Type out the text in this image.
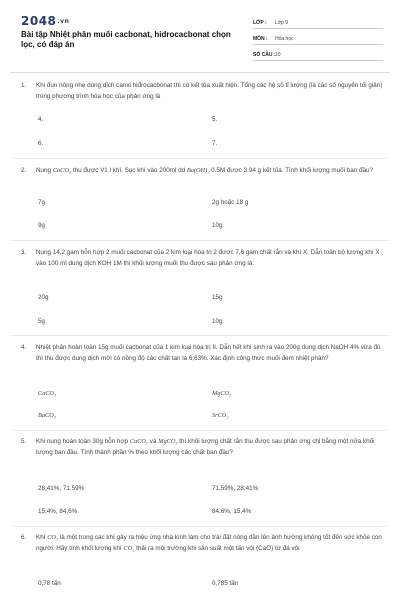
2048.vn
Bài tập Nhiệt phân muối cacbonat, hidrocacbonat chọn lọc, có đáp án
LỚP : Lớp 9
MÔN : Hóa học
SỐ CÂU : 10
1. Khi đun nóng nhẹ dung dịch canxi hiđrocacbonat thì có kết tủa xuất hiện. Tổng các hệ số tỉ lượng (là các số nguyên tối giản) trong phương trình hóa học của phản ứng là
4.	5.
6.	7.
2. Nung CaCO₃ thu được V1 l khí. Sục khí vào 200ml dd Ba(OH)₂ 0.5M được 3.94 g kết tủa. Tính khối lượng muối ban đầu?
7g	2g hoặc 18 g
9g	10g
3. Nung 14,2 gam hỗn hợp 2 muối cacbonat của 2 kim loại hóa trị 2 được 7,6 gam chất rắn và khí X. Dẫn toàn bộ lượng khí X vào 100 ml dung dịch KOH 1M thì khối lượng muối thu được sau phản ứng là:
20g	15g
5g	10g
4. Nhiệt phân hoàn toàn 15g muối cacbonat của 1 kim loại hóa trị II. Dẫn hết khí sinh ra vào 200g dung dịch NaOH 4% vừa đủ thì thu được dung dịch mới có nồng độ các chất tan là 6,63%. Xác định công thức muối đem nhiệt phân?
CaCO₃	MgCO₃
BaCO₃	SrCO₃
5. Khi nung hoàn toàn 30g hỗn hợp CaCO₃ và MgCO₃ thì khối lượng chất rắn thu được sau phản ứng chỉ bằng một nửa khối lượng ban đầu. Tính thành phần % theo khối lượng các chất ban đầu?
28,41%, 71,59%	71,59%, 28,41%
15,4%, 84,6%	84,6%, 15,4%
6. Khí CO₂ là một trong các khí gây ra hiệu ứng nhà kính làm cho trái đất nóng dần lên ảnh hưởng không tốt đến sức khỏe con người. Hãy tính khối lượng khí CO₂ thải ra môi trường khi sản suất một tấn vôi (CaO) từ đá vôi
0,78 tấn	0,785 tấn
